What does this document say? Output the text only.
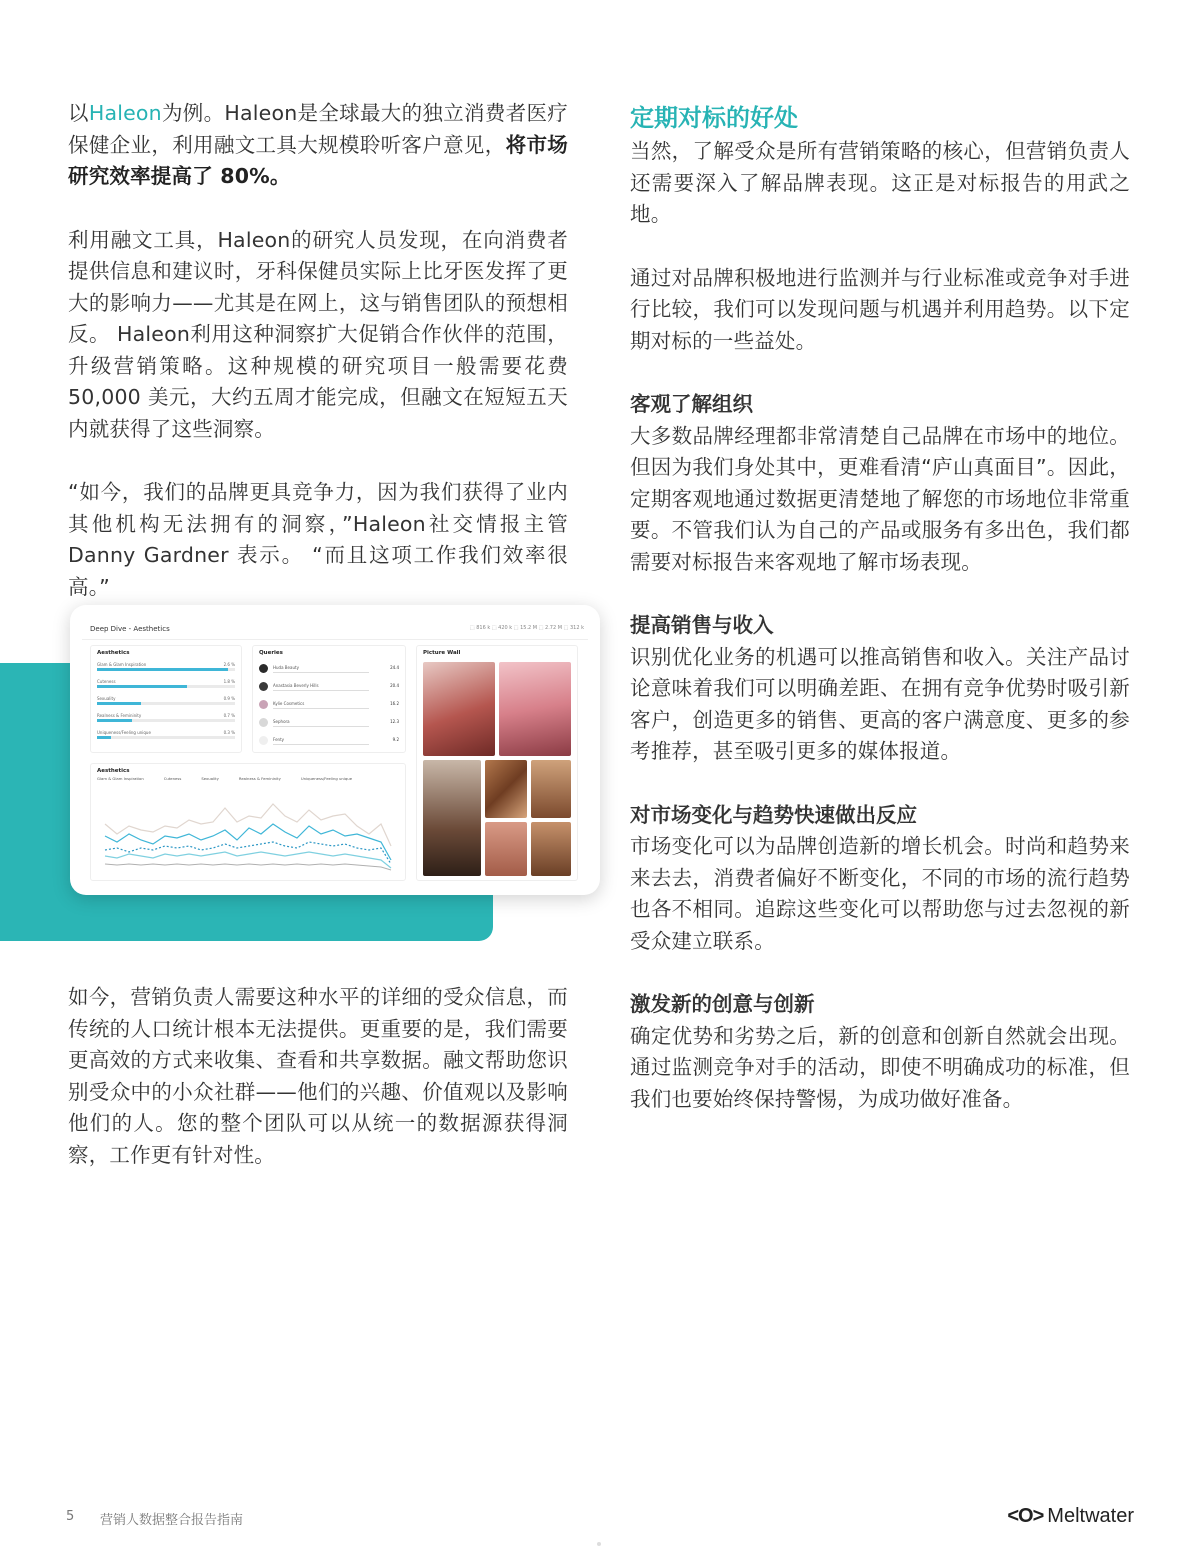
以Haleon为例。Haleon是全球最大的独立消费者医疗保健企业，利用融文工具大规模聆听客户意见，将市场研究效率提高了 80%。

利用融文工具，Haleon的研究人员发现，在向消费者提供信息和建议时，牙科保健员实际上比牙医发挥了更大的影响力——尤其是在网上，这与销售团队的预想相反。 Haleon利用这种洞察扩大促销合作伙伴的范围，升级营销策略。这种规模的研究项目一般需要花费 50,000 美元，大约五周才能完成，但融文在短短五天内就获得了这些洞察。

“如今，我们的品牌更具竞争力，因为我们获得了业内其他机构无法拥有的洞察，”Haleon社交情报主管Danny Gardner 表示。 “而且这项工作我们效率很高。”

Deep Dive - Aesthetics	⬚ 816 k ⬚ 420 k ⬚ 15.2 M ⬚ 2.72 M ⬚ 312 k
Aesthetics
Glam & Glam Inspiration	2.6 %
Cuteness	1.8 %
Sexuality	0.9 %
Realness & Femininity	0.7 %
Uniqueness/Feeling unique	0.3 %
Queries
Huda Beauty	24.4
Anastasia Beverly Hills	20.4
Kylie Cosmetics	16.2
Sephora	12.3
Fenty	9.2
Aesthetics
Glam & Glam Inspiration	Cuteness	Sexuality	Realness & Femininity	Uniqueness/Feeling unique
Picture Wall

如今，营销负责人需要这种水平的详细的受众信息，而传统的人口统计根本无法提供。更重要的是，我们需要更高效的方式来收集、查看和共享数据。融文帮助您识别受众中的小众社群——他们的兴趣、价值观以及影响他们的人。您的整个团队可以从统一的数据源获得洞察，工作更有针对性。

定期对标的好处

当然，了解受众是所有营销策略的核心，但营销负责人还需要深入了解品牌表现。这正是对标报告的用武之地。

通过对品牌积极地进行监测并与行业标准或竞争对手进行比较，我们可以发现问题与机遇并利用趋势。以下定期对标的一些益处。

客观了解组织

大多数品牌经理都非常清楚自己品牌在市场中的地位。但因为我们身处其中，更难看清“庐山真面目”。因此，定期客观地通过数据更清楚地了解您的市场地位非常重要。不管我们认为自己的产品或服务有多出色，我们都需要对标报告来客观地了解市场表现。

提高销售与收入

识别优化业务的机遇可以推高销售和收入。关注产品讨论意味着我们可以明确差距、在拥有竞争优势时吸引新客户，创造更多的销售、更高的客户满意度、更多的参考推荐，甚至吸引更多的媒体报道。

对市场变化与趋势快速做出反应

市场变化可以为品牌创造新的增长机会。时尚和趋势来来去去，消费者偏好不断变化，不同的市场的流行趋势也各不相同。追踪这些变化可以帮助您与过去忽视的新受众建立联系。

激发新的创意与创新

确定优势和劣势之后，新的创意和创新自然就会出现。通过监测竞争对手的活动，即使不明确成功的标准，但我们也要始终保持警惕，为成功做好准备。

5 营销人数据整合报告指南	<O> Meltwater
